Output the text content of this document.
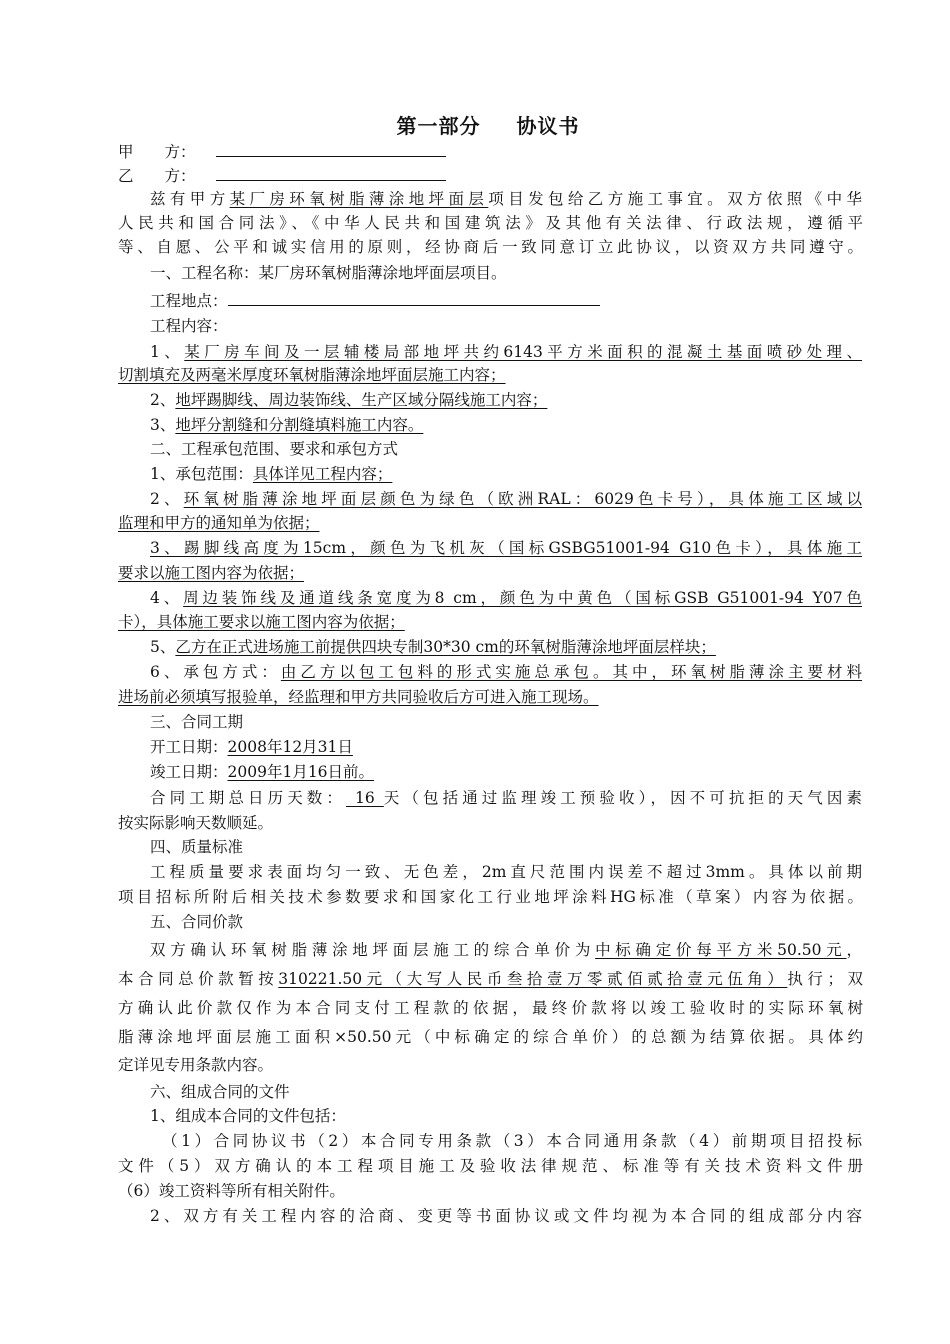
第一部分 协议书
甲　　方：
乙　　方：
兹有甲方某厂房环氧树脂薄涂地坪面层项目发包给乙方施工事宜。双方依照《中华
人民共和国合同法》、《中华人民共和国建筑法》及其他有关法律、行政法规，遵循平
等、自愿、公平和诚实信用的原则，经协商后一致同意订立此协议，以资双方共同遵守。
一、工程名称：某厂房环氧树脂薄涂地坪面层项目。
工程地点：
工程内容：
1、某厂房车间及一层辅楼局部地坪共约6143平方米面积的混凝土基面喷砂处理、
切割填充及两毫米厚度环氧树脂薄涂地坪面层施工内容；
2、地坪踢脚线、周边装饰线、生产区域分隔线施工内容；
3、地坪分割缝和分割缝填料施工内容。
二、工程承包范围、要求和承包方式
1、承包范围：具体详见工程内容；
2、环氧树脂薄涂地坪面层颜色为绿色（欧洲RAL：6029色卡号），具体施工区域以
监理和甲方的通知单为依据；
3、踢脚线高度为15cm，颜色为飞机灰（国标GSBG51001-94 G10色卡），具体施工
要求以施工图内容为依据；
4、周边装饰线及通道线条宽度为8 cm，颜色为中黄色（国标GSB G51001-94 Y07色
卡），具体施工要求以施工图内容为依据；
5、乙方在正式进场施工前提供四块专制30*30 cm的环氧树脂薄涂地坪面层样块；
6、承包方式：由乙方以包工包料的形式实施总承包。其中，环氧树脂薄涂主要材料
进场前必须填写报验单，经监理和甲方共同验收后方可进入施工现场。
三、合同工期
开工日期：2008年12月31日
竣工日期：2009年1月16日前。
合同工期总日历天数： 16 天（包括通过监理竣工预验收），因不可抗拒的天气因素
按实际影响天数顺延。
四、质量标准
工程质量要求表面均匀一致、无色差，2m直尺范围内误差不超过3mm。具体以前期
项目招标所附后相关技术参数要求和国家化工行业地坪涂料HG标准（草案）内容为依据。
五、合同价款
双方确认环氧树脂薄涂地坪面层施工的综合单价为中标确定价每平方米50.50元，
本合同总价款暂按310221.50元（大写人民币叁拾壹万零贰佰贰拾壹元伍角）执行；双
方确认此价款仅作为本合同支付工程款的依据，最终价款将以竣工验收时的实际环氧树
脂薄涂地坪面层施工面积×50.50元（中标确定的综合单价）的总额为结算依据。具体约
定详见专用条款内容。
六、组成合同的文件
1、组成本合同的文件包括：
（1）合同协议书（2）本合同专用条款（3）本合同通用条款（4）前期项目招投标
文件（5）双方确认的本工程项目施工及验收法律规范、标准等有关技术资料文件册
（6）竣工资料等所有相关附件。
2、双方有关工程内容的洽商、变更等书面协议或文件均视为本合同的组成部分内容
